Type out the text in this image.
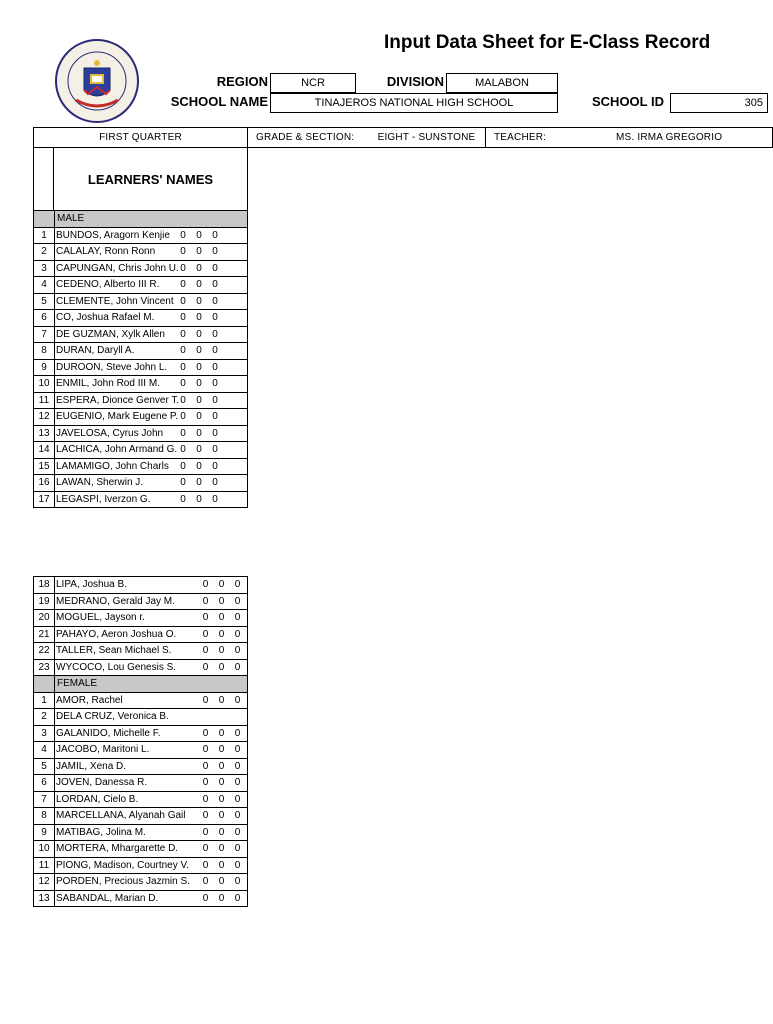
Input Data Sheet for E-Class Record
REGION	NCR	DIVISION	MALABON
SCHOOL NAME	TINAJEROS NATIONAL HIGH SCHOOL	SCHOOL ID	305
FIRST QUARTER	GRADE & SECTION:	EIGHT - SUNSTONE	TEACHER:	MS. IRMA GREGORIO
LEARNERS' NAMES
	MALE	
1	BUNDOS, Aragorn Kenjie	0 0 0
2	CALALAY, Ronn Ronn	0 0 0
3	CAPUNGAN, Chris John U.	0 0 0
4	CEDENO, Alberto III R.	0 0 0
5	CLEMENTE, John Vincent	0 0 0
6	CO, Joshua Rafael M.	0 0 0
7	DE GUZMAN, Xylk Allen	0 0 0
8	DURAN, Daryll A.	0 0 0
9	DUROON, Steve John L.	0 0 0
10	ENMIL, John Rod III M.	0 0 0
11	ESPERA, Dionce Genver T.	0 0 0
12	EUGENIO, Mark Eugene P.	0 0 0
13	JAVELOSA, Cyrus John	0 0 0
14	LACHICA, John Armand G.	0 0 0
15	LAMAMIGO, John Charls	0 0 0
16	LAWAN, Sherwin J.	0 0 0
17	LEGASPI, Iverzon G.	0 0 0
18	LIPA, Joshua B.	0 0 0
19	MEDRANO, Gerald Jay M.	0 0 0
20	MOGUEL, Jayson r.	0 0 0
21	PAHAYO, Aeron Joshua O.	0 0 0
22	TALLER, Sean Michael S.	0 0 0
23	WYCOCO, Lou Genesis S.	0 0 0
	FEMALE	
1	AMOR, Rachel	0 0 0
2	DELA CRUZ, Veronica B.	
3	GALANIDO, Michelle F.	0 0 0
4	JACOBO, Maritoni L.	0 0 0
5	JAMIL, Xena D.	0 0 0
6	JOVEN, Danessa R.	0 0 0
7	LORDAN, Cielo B.	0 0 0
8	MARCELLANA, Alyanah Gail	0 0 0
9	MATIBAG, Jolina M.	0 0 0
10	MORTERA, Mhargarette D.	0 0 0
11	PIONG, Madison, Courtney V.	0 0 0
12	PORDEN, Precious Jazmin S.	0 0 0
13	SABANDAL, Marian D.	0 0 0
